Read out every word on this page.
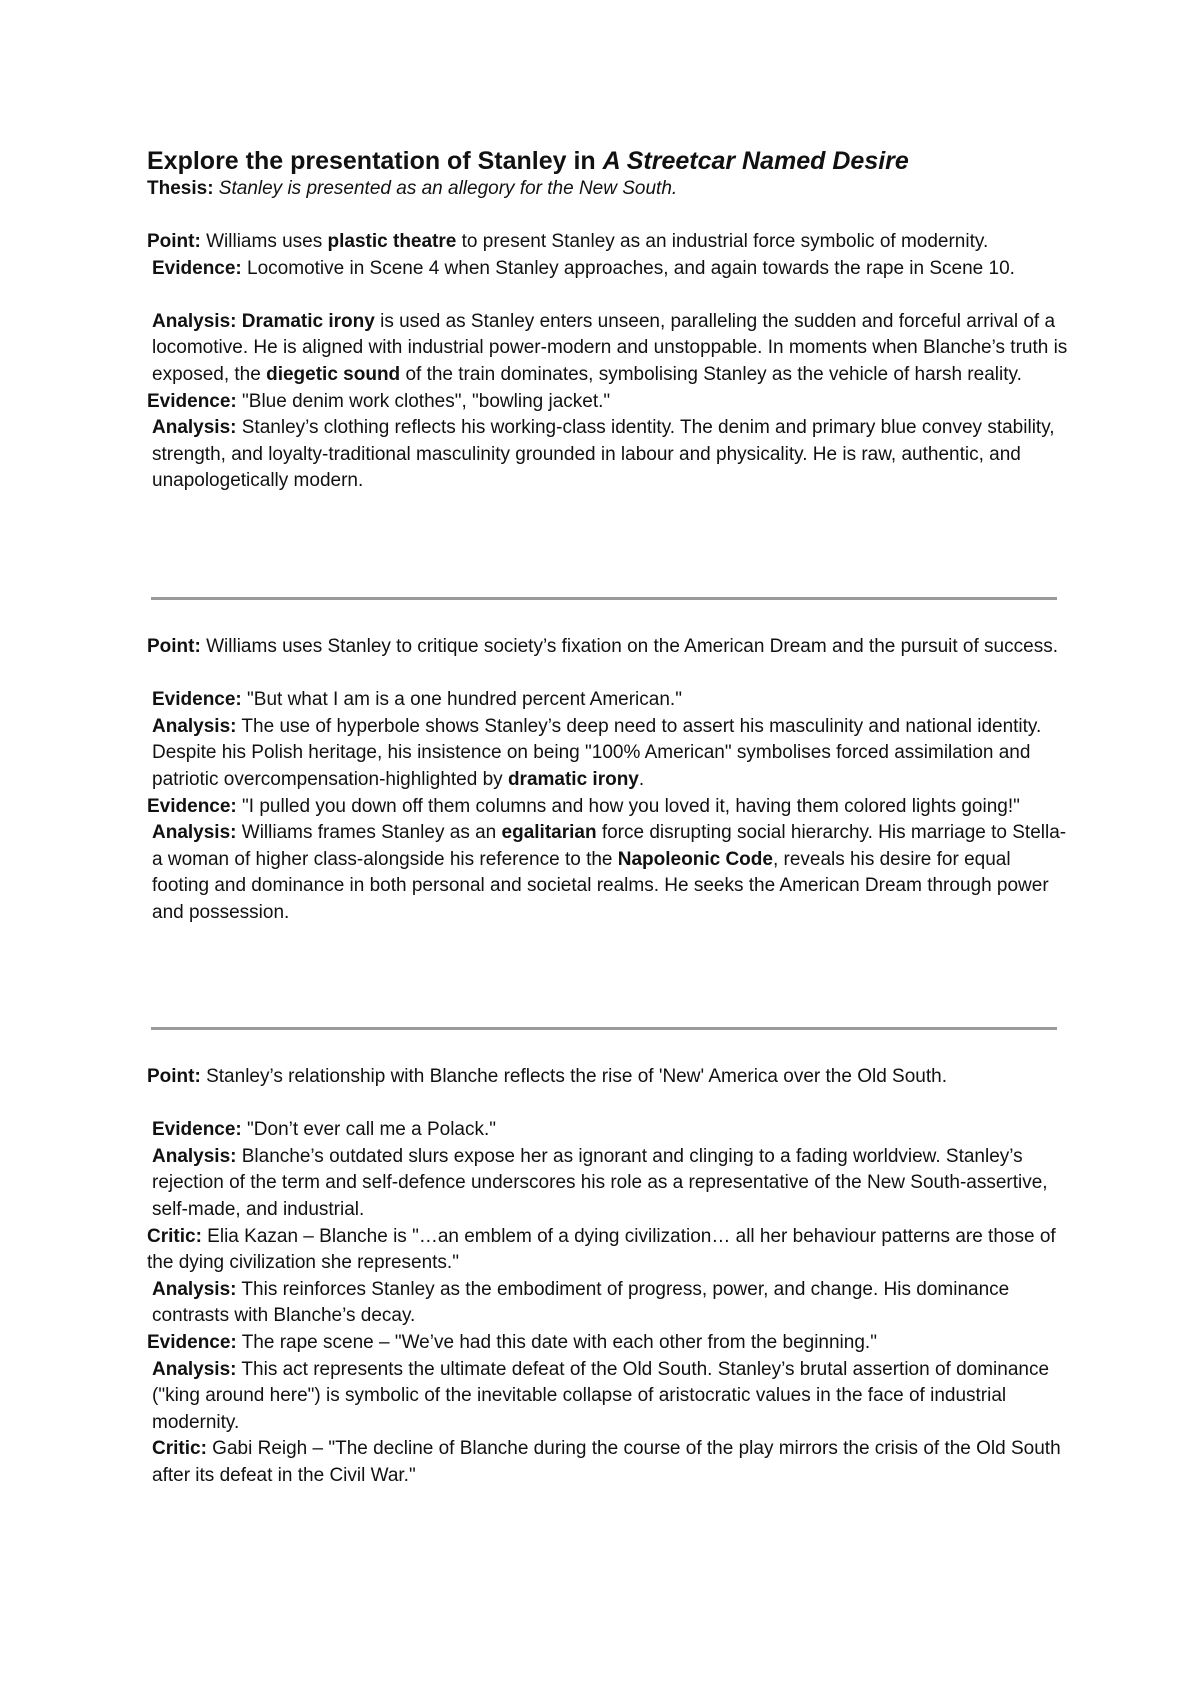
Explore the presentation of Stanley in A Streetcar Named Desire

Thesis: Stanley is presented as an allegory for the New South.

Point: Williams uses plastic theatre to present Stanley as an industrial force symbolic of modernity.

Evidence: Locomotive in Scene 4 when Stanley approaches, and again towards the rape in Scene 10.

Analysis: Dramatic irony is used as Stanley enters unseen, paralleling the sudden and forceful arrival of a locomotive. He is aligned with industrial power-modern and unstoppable. In moments when Blanche’s truth is exposed, the diegetic sound of the train dominates, symbolising Stanley as the vehicle of harsh reality.

Evidence: "Blue denim work clothes", "bowling jacket."

Analysis: Stanley’s clothing reflects his working-class identity. The denim and primary blue convey stability, strength, and loyalty-traditional masculinity grounded in labour and physicality. He is raw, authentic, and unapologetically modern.

Point: Williams uses Stanley to critique society’s fixation on the American Dream and the pursuit of success.

Evidence: "But what I am is a one hundred percent American."

Analysis: The use of hyperbole shows Stanley’s deep need to assert his masculinity and national identity. Despite his Polish heritage, his insistence on being "100% American" symbolises forced assimilation and patriotic overcompensation-highlighted by dramatic irony.

Evidence: "I pulled you down off them columns and how you loved it, having them colored lights going!"

Analysis: Williams frames Stanley as an egalitarian force disrupting social hierarchy. His marriage to Stella-a woman of higher class-alongside his reference to the Napoleonic Code, reveals his desire for equal footing and dominance in both personal and societal realms. He seeks the American Dream through power and possession.

Point: Stanley’s relationship with Blanche reflects the rise of 'New' America over the Old South.

Evidence: "Don’t ever call me a Polack."

Analysis: Blanche’s outdated slurs expose her as ignorant and clinging to a fading worldview. Stanley’s rejection of the term and self-defence underscores his role as a representative of the New South-assertive, self-made, and industrial.

Critic: Elia Kazan – Blanche is "…an emblem of a dying civilization… all her behaviour patterns are those of the dying civilization she represents."

Analysis: This reinforces Stanley as the embodiment of progress, power, and change. His dominance contrasts with Blanche’s decay.

Evidence: The rape scene – "We’ve had this date with each other from the beginning."

Analysis: This act represents the ultimate defeat of the Old South. Stanley’s brutal assertion of dominance ("king around here") is symbolic of the inevitable collapse of aristocratic values in the face of industrial modernity.

Critic: Gabi Reigh – "The decline of Blanche during the course of the play mirrors the crisis of the Old South after its defeat in the Civil War."
